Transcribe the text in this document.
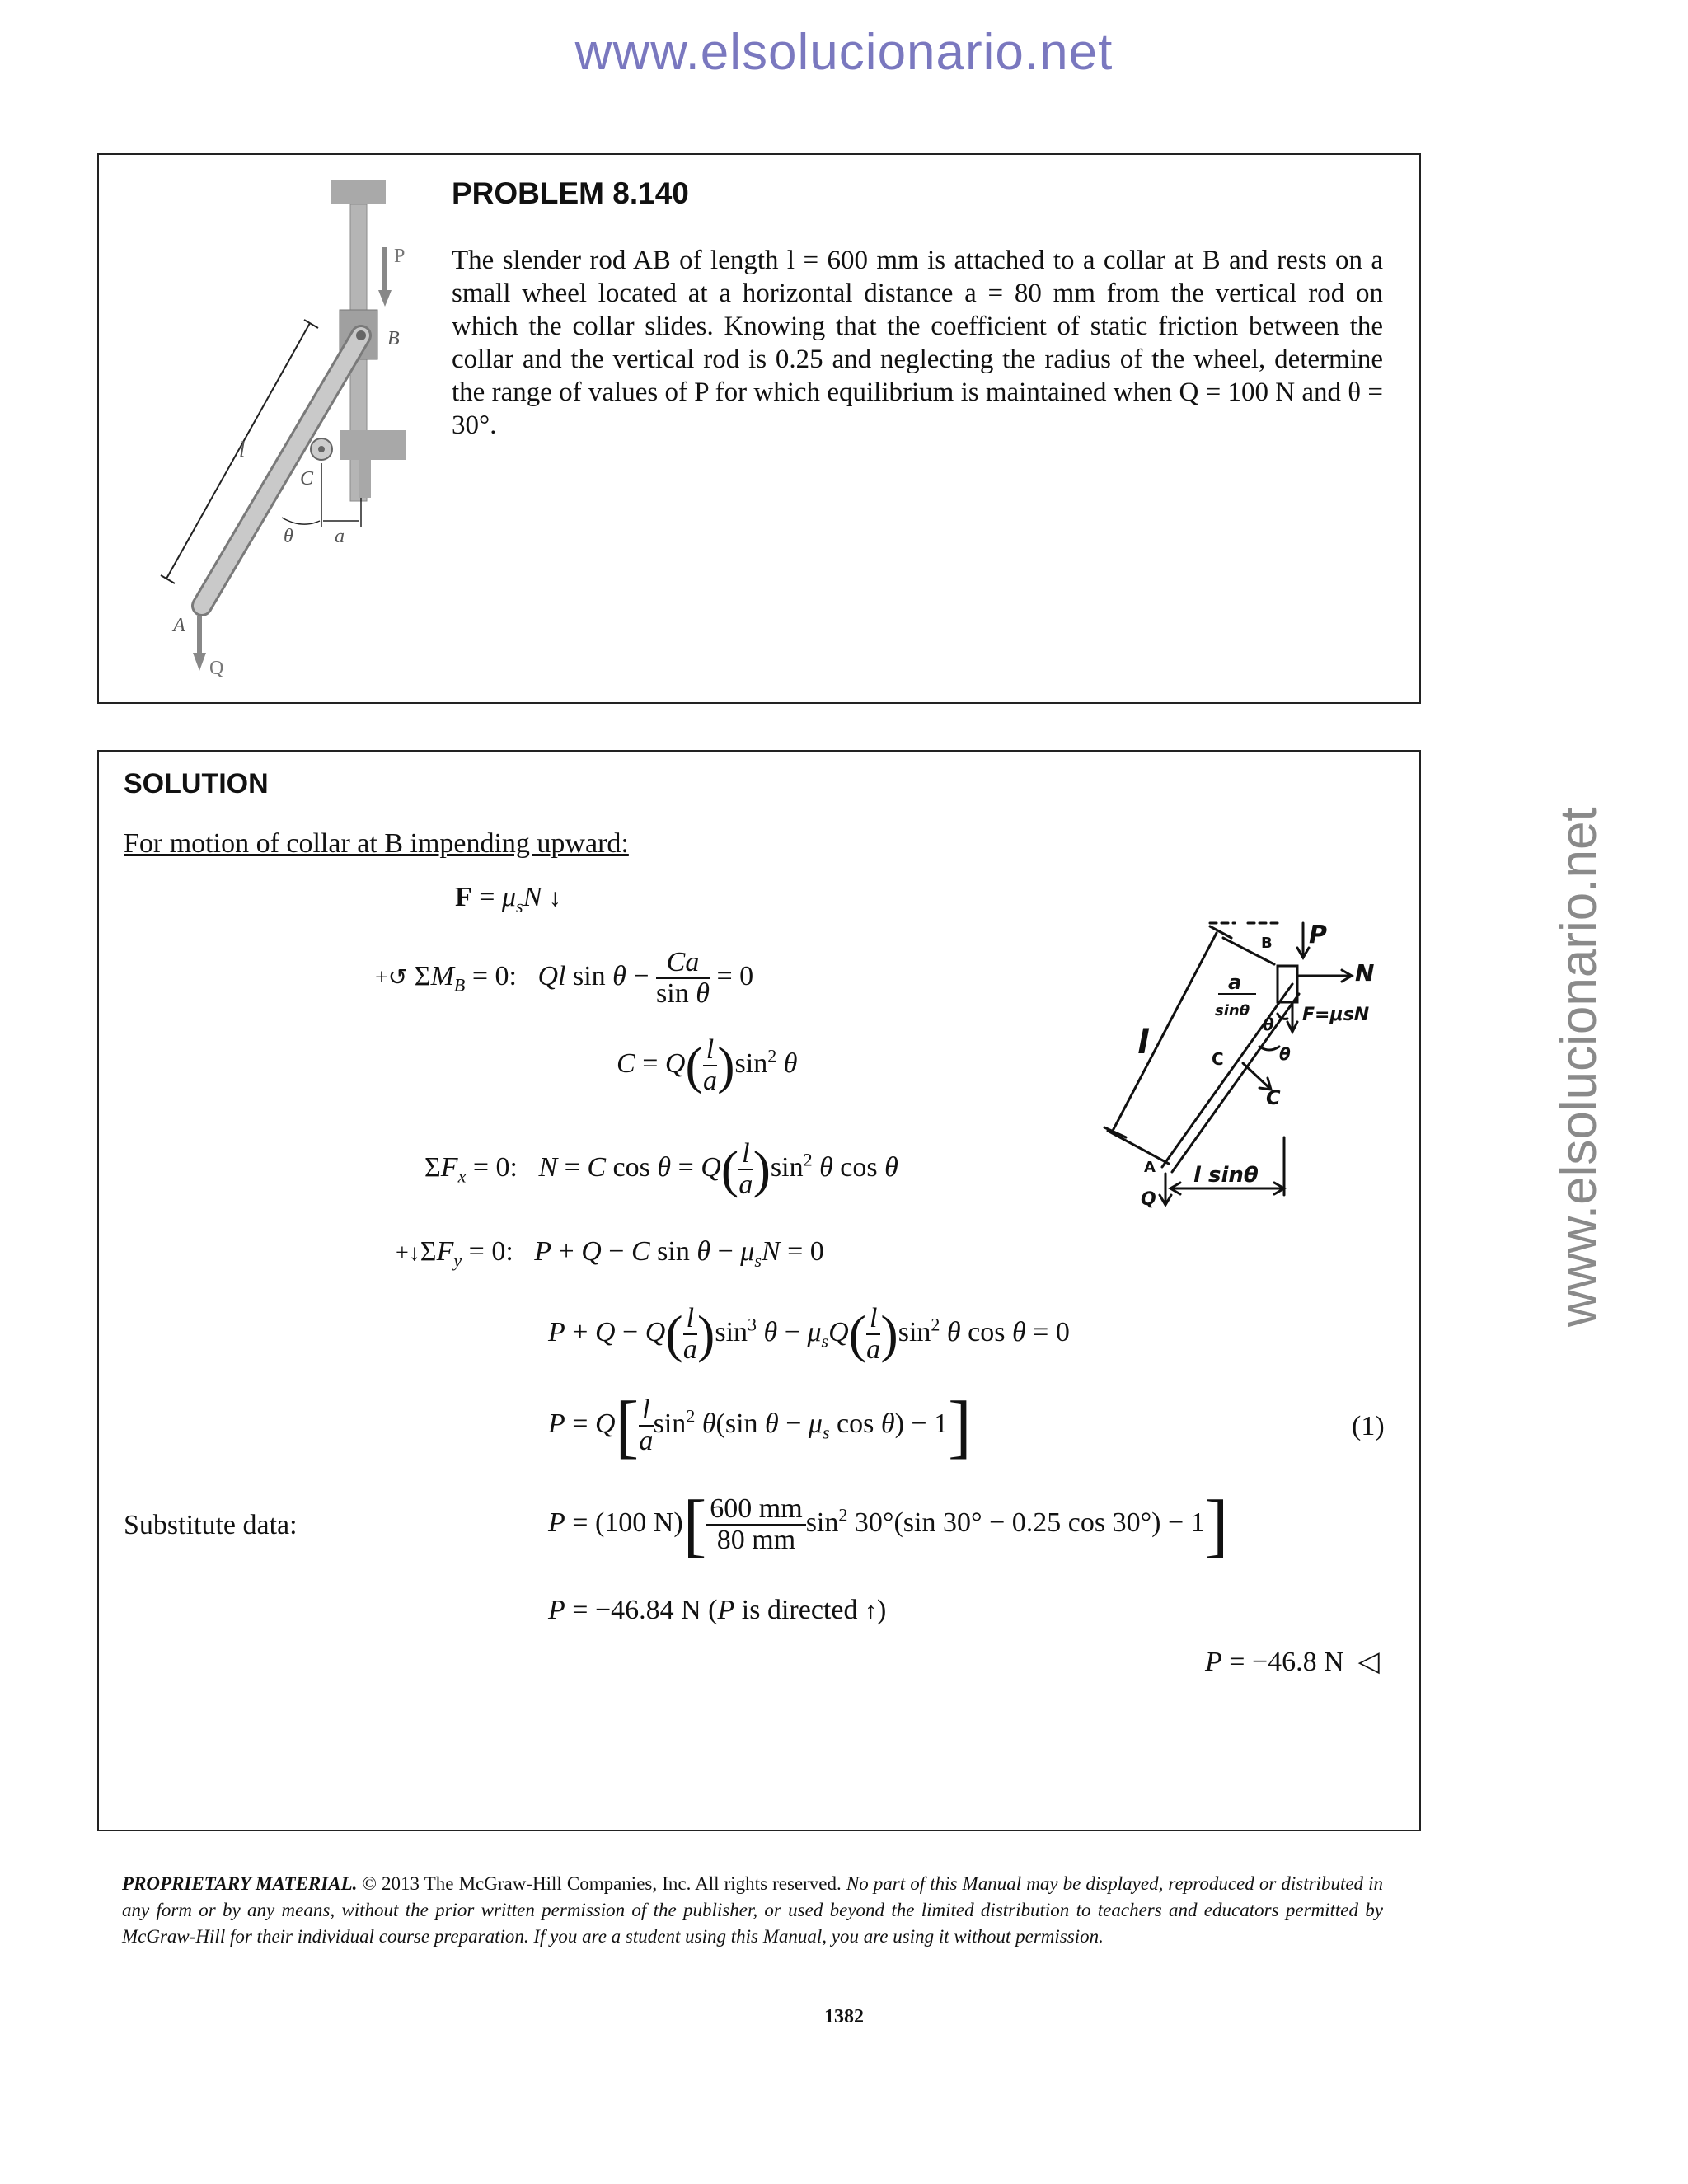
www.elsolucionario.net
www.elsolucionario.net
P
B
l
C
θ a
A
Q
PROBLEM 8.140
The slender rod AB of length l = 600 mm is attached to a collar at B and rests on a small wheel located at a horizontal distance a = 80 mm from the vertical rod on which the collar slides. Knowing that the coefficient of static friction between the collar and the vertical rod is 0.25 and neglecting the radius of the wheel, determine the range of values of P for which equilibrium is maintained when Q = 100 N and θ = 30°.
SOLUTION
For motion of collar at B impending upward:
$F = \mu_sN$ ↓
+↺ $\Sigma M_B = 0$:   Ql $\sin \theta - \frac{Ca}{\text{sin θ}} = 0$
$C = Q( \frac{l}{a} )\sin^2$ θ
$\Sigma F_x = 0$:   N = C $\cos \theta = Q( \frac{l}{a} )\sin^2$ θ cos θ
$+↓\Sigma F_y = 0$:   P + Q − C $\sin \theta - \mu_sN = 0$
$P + Q - Q( \frac{l}{a} )\sin^3$ $\theta - \mu_sQ( \frac{l}{a} )\sin^2$ θ cos θ = 0
$P = Q[ \frac{l}{a} \sin^2 \theta(\sin$ $\theta - \mu_s$ cos θ) − 1]	(1)
Substitute data:	P = (100 $N)[ \frac{600 mm}{80 mm} \sin^2 30^\circ(\sin$ 30° − 0.25 cos 30°) − 1]
P = −46.84 N (P is directed ↑)
P = −46.8 N  ◁
B P
N
a
sinθ	F=μsN
θ
C	θ
C
l
A
Q
l sinθ
PROPRIETARY MATERIAL. © 2013 The McGraw-Hill Companies, Inc. All rights reserved. No part of this Manual may be displayed, reproduced or distributed in any form or by any means, without the prior written permission of the publisher, or used beyond the limited distribution to teachers and educators permitted by McGraw-Hill for their individual course preparation. If you are a student using this Manual, you are using it without permission.
1382
